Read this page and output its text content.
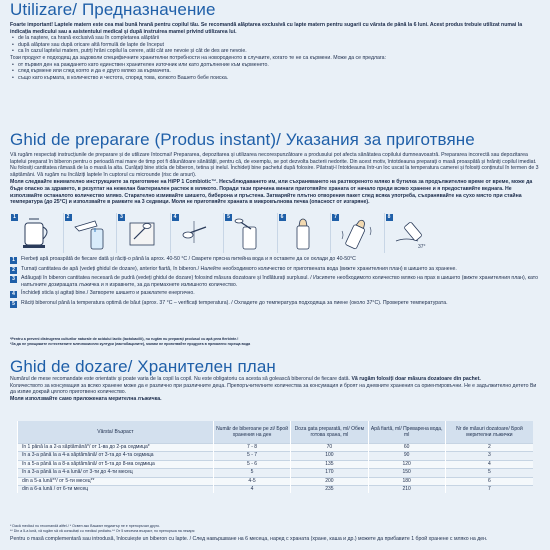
Utilizare/ Предназначение
Foarte important! Laptele matern este cea mai bună hrană pentru copilul tău. Se recomandă alăptarea exclusivă cu lapte matern pentru sugarii cu vârsta de până la 6 luni. Acest produs trebuie utilizat numai la indicația medicului sau a asistentului medical și după instruirea mamei privind utilizarea lui.
• de la naștere, ca hrană exclusivă sau în completarea alăptării
• după alăptare sau după oricare altă formulă de lapte de început
• ca în cazul laptelui matern, putrți hrăni copilul la cerere, atât cât are nevoie și cât de des are nevoie.
Този продукт е подходящ да задоволи специфичните хранителни потребности на новороденото в случаите, когато те не са кърмени. Може да се предлага:
• от първия ден на раждането като единствен хранителен източник или като допълнение към кърменето.
• след кърмене или след която и да е друго мляко за кърмачета.
• също като кърмата, в количество и честота, според това, колкото Вашето бебе поиска.
Ghid de preparare (Produs instant)/ Указания за приготвяне
Vă rugăm respectați instrucțiunile de preparare și de utilizare întocmai! Prepararea, depozitarea și utilizarea necorespunzătoare a produsului pot afecta sănătatea copilului dumneavoastră. Prepararea incorectă sau depozitarea laptelui preparat în biberon pentru o perioadă mai mare de timp pot fi dăunătoare sănătății, pentru că, de exemplu, se pot dezvolta bacterii nedorite. Din acest motiv, întotdeauna preparați o masă proaspătă și hrăniți copilul imediat. Nu folosiți cantitatea rămasă de la o masă la alta. Curățați bine sticla de biberon, tetina și inelul. Închideți bine pachetul după folosire. Păstrați-l întotdeauna într-un loc uscat la temperatura camerei și folosiți conținutul în termen de 3 săptămâni. Vă rugăm nu încălziți laptele în cuptorul cu microunde (risc de arsuri).
Моля следвайте внимателно инструкциите за приготвяне на HiPP 1 Combiotic™. Несъблюдаването им, или съхраняването на разтвореното мляко в бутилка за продължително време от време, може да бъде опасно за здравето, в резултат на нежелан бактериален растеж в млякото. Поради тази причина винаги приготвяйте храната от начало преди всяко хранене и я предоставяйте веднага. Не използвайте останалото количество мляко. Старателно измивайте шишето, биберона и пръстена. Затваряйте плътно отворения пакет след всяка употреба, съхранявайте на сухо място при стайна температура (до 25°C) и използвайте в рамките на 3 седмици. Моля не приготвяйте храната в микровълнова печка (опасност от изгаряне).
1	2	3	4	5	6	7	8
37°
1	Fierbeți apă proaspătă de fiecare dată și răciți-o până la aprox. 40-50 °C / Сварете прясна питейна вода и я оставете да се охлади до 40-50°C
2	Turnați cantitatea de apă (vedeți ghidul de dozare), anterior fiartă, în biberon./ Налейте необходимото количество от приготвената вода (вижте хранителния план) в шишето за хранене.
3	Adăugați în biberon cantitatea necesară de pudră (vedeți ghidul de dozare) folosind măsura dozatoare și îndlăturați surplusul. / Изсипете необходимото количество мляко на прах в шишето (вижте хранителния план), като напълните дозиращата лъжичка и я изравните, за да премахнете излишното количество.
4	Închideți sticla și agitați bine./ Затворете шишето и разклатете енергично.
5	Răciți biberonul până la temperatura optimă de băut (aprox. 37 °C – verificați temperatura). / Охладете до температура подходяща за пиене (около 37°С). Проверете температурата.
*Pentru a preveni distrugerea culturilor naturale de acidului lactic (lactobacilii), nu rugăm nu preparați produsul cu apă prea fierbinte.!
*За да не унищожите естествените млечнокисели култури (лактобацилите), молим не приготвяйте продукта в прекалено гореща вода
Ghid de dozare/ Хранителен план
Numărul de mese recomandate este orientativ și poate varia de la copil la copil. Nu este obligatoriu ca acesta să golească biberonul de fiecare dată. Vă rugăm folosiți doar măsura dozatoare din pachet.
Количеството за консумация за всяко хранене може да е различно при различните деца. Препоръчителните количества за консумация и броят на дневните хранения са ориентировъчни. Не е задължително детето Ви да изпие докрай цялото приготвено количество.
Моля използвайте само приложената мерителна лъжичка.
Vârsta/ Възраст	Număr de biberoane pe zi/ Брой хранения на ден	Doza gata preparată, ml/ Обем готова храна, ml	Apă fiartă, ml/ Преварена вода, ml	Nr de măsuri dozatoare/ Брой мерителни лъжички
în 1 până la a 2-a săptămână*/ от 1-ва до 2-ра седмица*	7 - 8	70	60	2
în a 3-a până la a 4-a săptămână/ от 3-та до 4-та седмица	5 - 7	100	90	3
în a 5-a până la a 8-a săptămână/ от 5-та до 8-ма седмица	5 - 6	135	120	4
în a 3-a până la a 4-a lună/ от 3-ти до 4-ти месец	5	170	150	5
din a 5-a lună**/ от 5-ти месец**	4-5	200	180	6
din a 6-a lună / от 6-ти месец	4	235	210	7
* Dacă medicul nu recomandă altfel./ * Освен ако Вашият педиатър не е препоръчал друго.
** Din a 5-a lună, vă rugăm să vă consultați cu medicul pediatru.** От 5 месечна възраст, по препоръка на лекаря
Pentru o masă complementară sau introdusă, înlocuiește un biberon cu lapte. / След навършване на 6 месеца, наред с храната (хране, каша и др.) можете да прибавите 1 брой хранене с мляко на ден.
